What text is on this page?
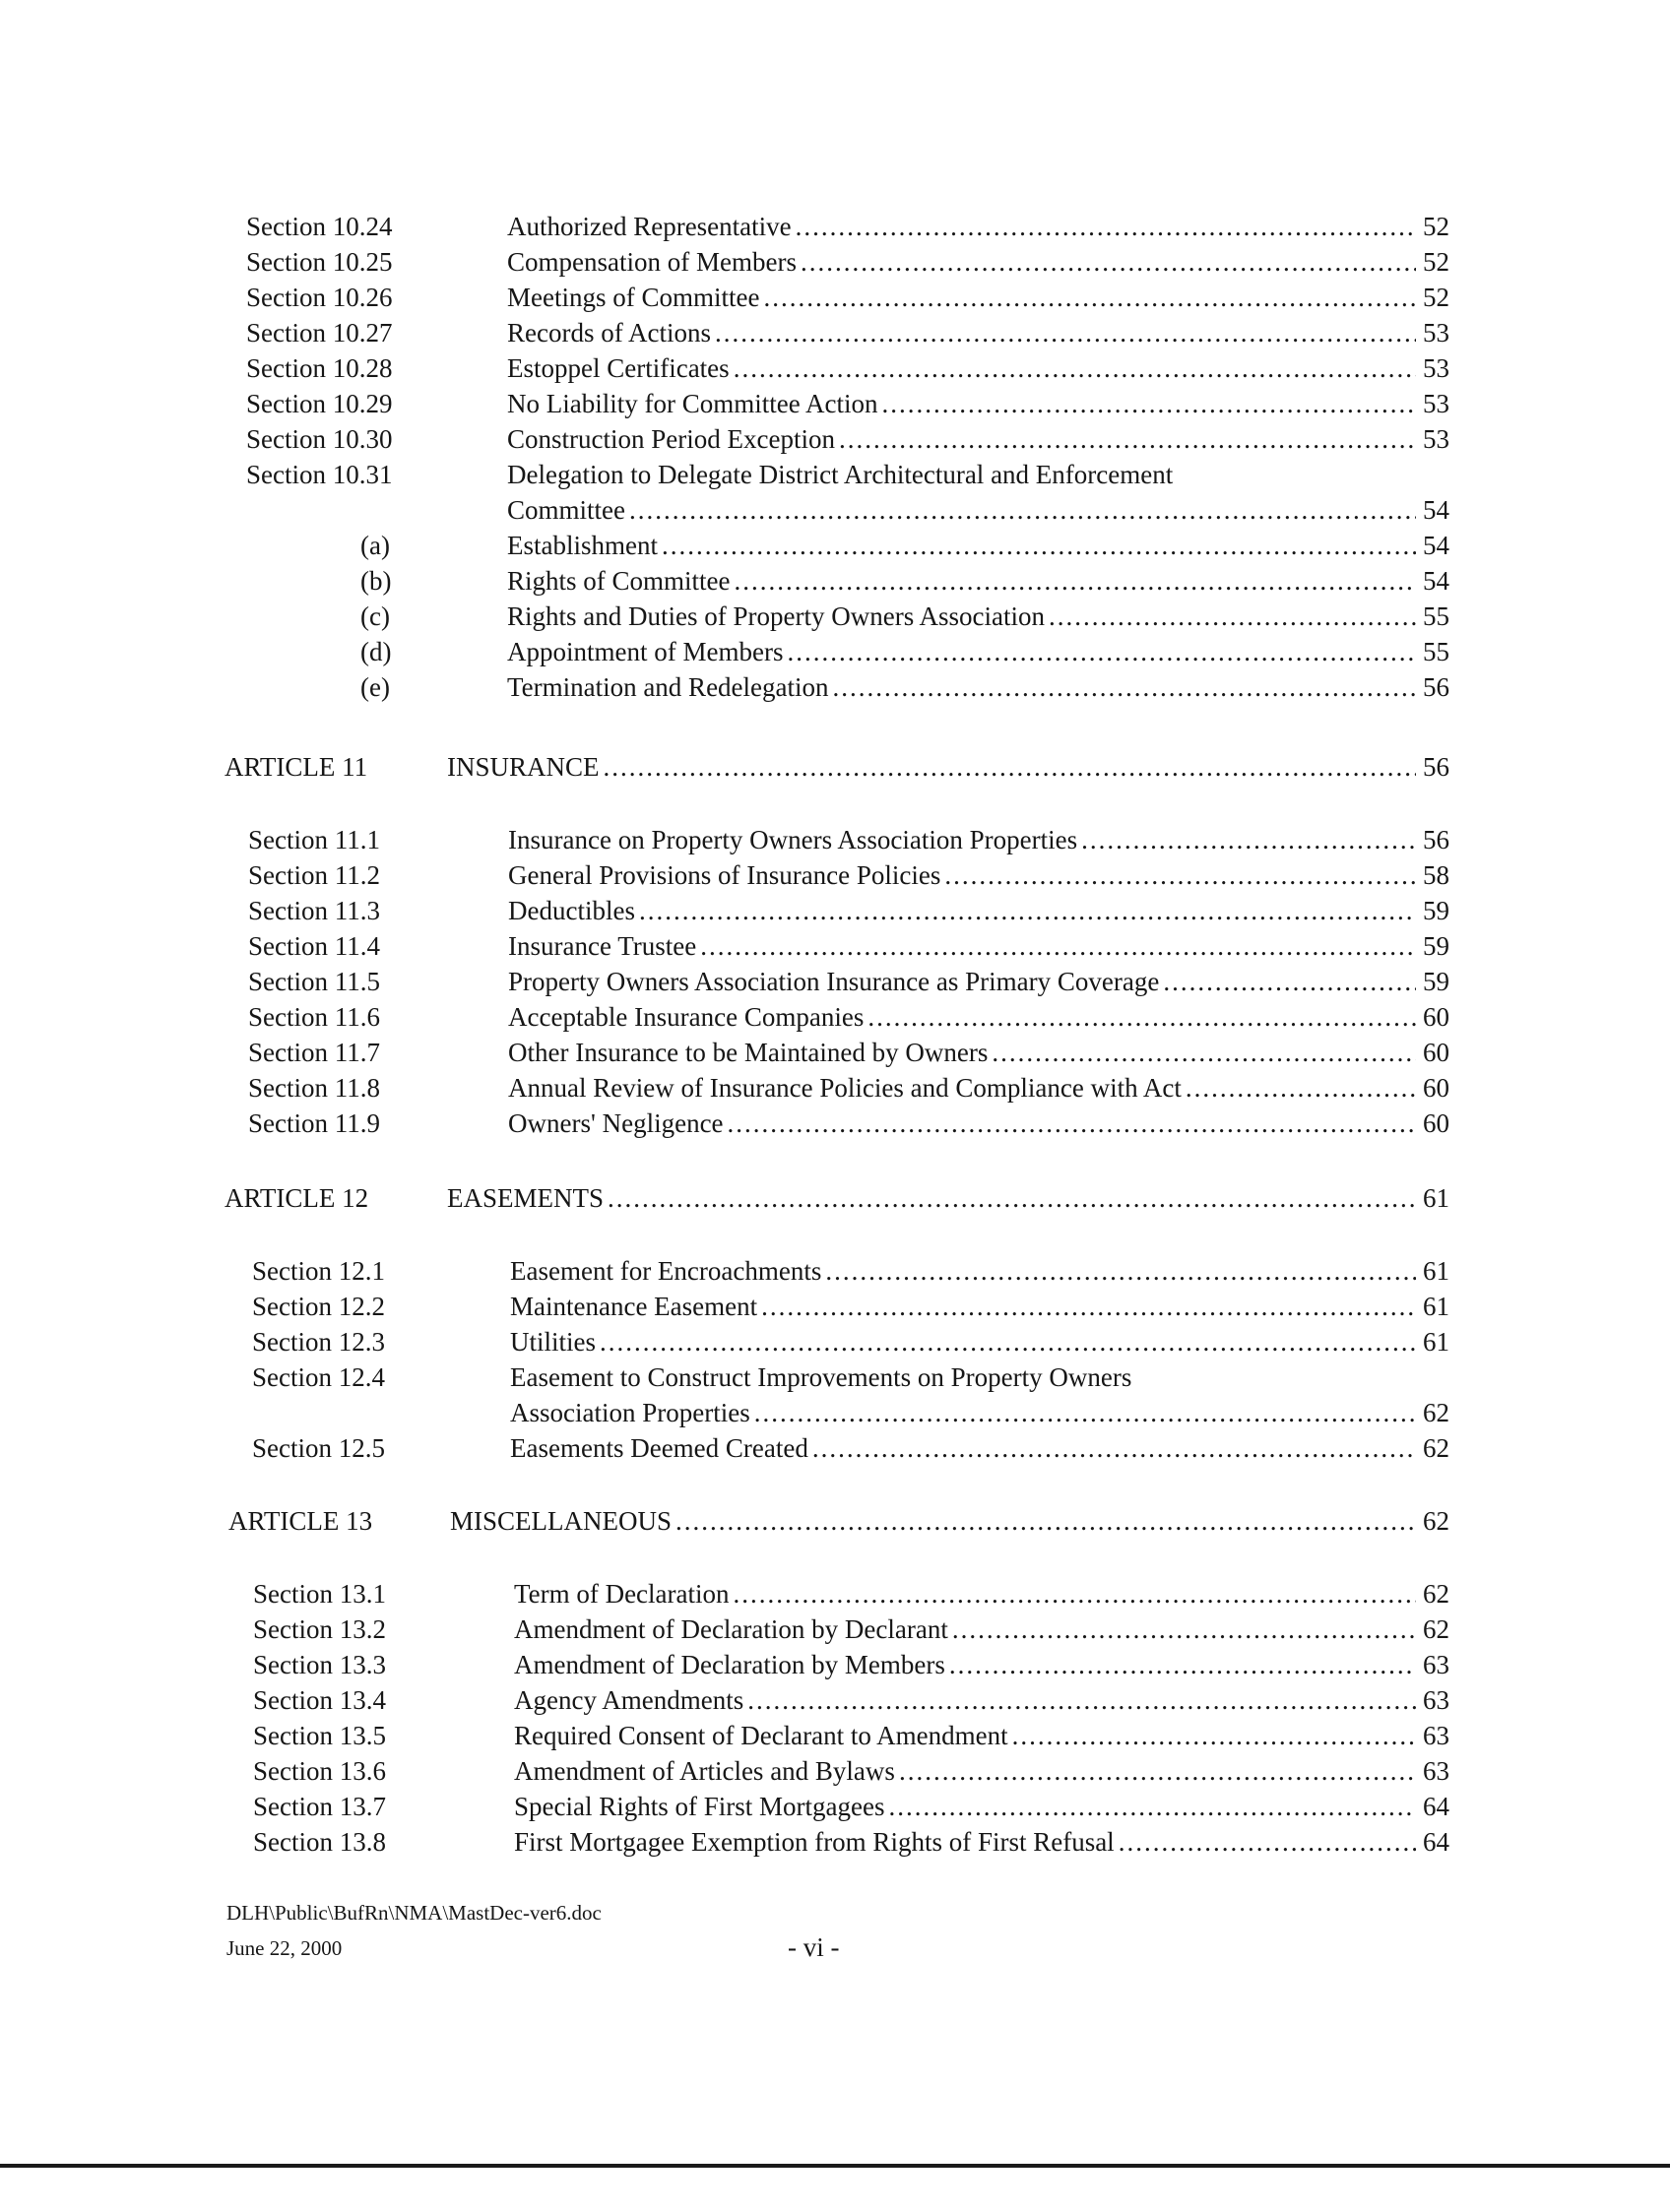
Section 10.24	Authorized Representative .....	52
Section 10.25	Compensation of Members .....	52
Section 10.26	Meetings of Committee .....	52
Section 10.27	Records of Actions .....	53
Section 10.28	Estoppel Certificates .....	53
Section 10.29	No Liability for Committee Action .....	53
Section 10.30	Construction Period Exception .....	53
Section 10.31	Delegation to Delegate District Architectural and Enforcement
Committee .....	54
(a)	Establishment .....	54
(b)	Rights of Committee .....	54
(c)	Rights and Duties of Property Owners Association .....	55
(d)	Appointment of Members .....	55
(e)	Termination and Redelegation .....	56
ARTICLE 11	INSURANCE .....	56
Section 11.1	Insurance on Property Owners Association Properties .....	56
Section 11.2	General Provisions of Insurance Policies .....	58
Section 11.3	Deductibles .....	59
Section 11.4	Insurance Trustee .....	59
Section 11.5	Property Owners Association Insurance as Primary Coverage .....	59
Section 11.6	Acceptable Insurance Companies .....	60
Section 11.7	Other Insurance to be Maintained by Owners .....	60
Section 11.8	Annual Review of Insurance Policies and Compliance with Act .....	60
Section 11.9	Owners' Negligence .....	60
ARTICLE 12	EASEMENTS .....	61
Section 12.1	Easement for Encroachments .....	61
Section 12.2	Maintenance Easement .....	61
Section 12.3	Utilities .....	61
Section 12.4	Easement to Construct Improvements on Property Owners
Association Properties .....	62
Section 12.5	Easements Deemed Created .....	62
ARTICLE 13	MISCELLANEOUS .....	62
Section 13.1	Term of Declaration .....	62
Section 13.2	Amendment of Declaration by Declarant .....	62
Section 13.3	Amendment of Declaration by Members .....	63
Section 13.4	Agency Amendments .....	63
Section 13.5	Required Consent of Declarant to Amendment .....	63
Section 13.6	Amendment of Articles and Bylaws .....	63
Section 13.7	Special Rights of First Mortgagees .....	64
Section 13.8	First Mortgagee Exemption from Rights of First Refusal .....	64
DLH\Public\BufRn\NMA\MastDec-ver6.doc
June 22, 2000	- vi -
